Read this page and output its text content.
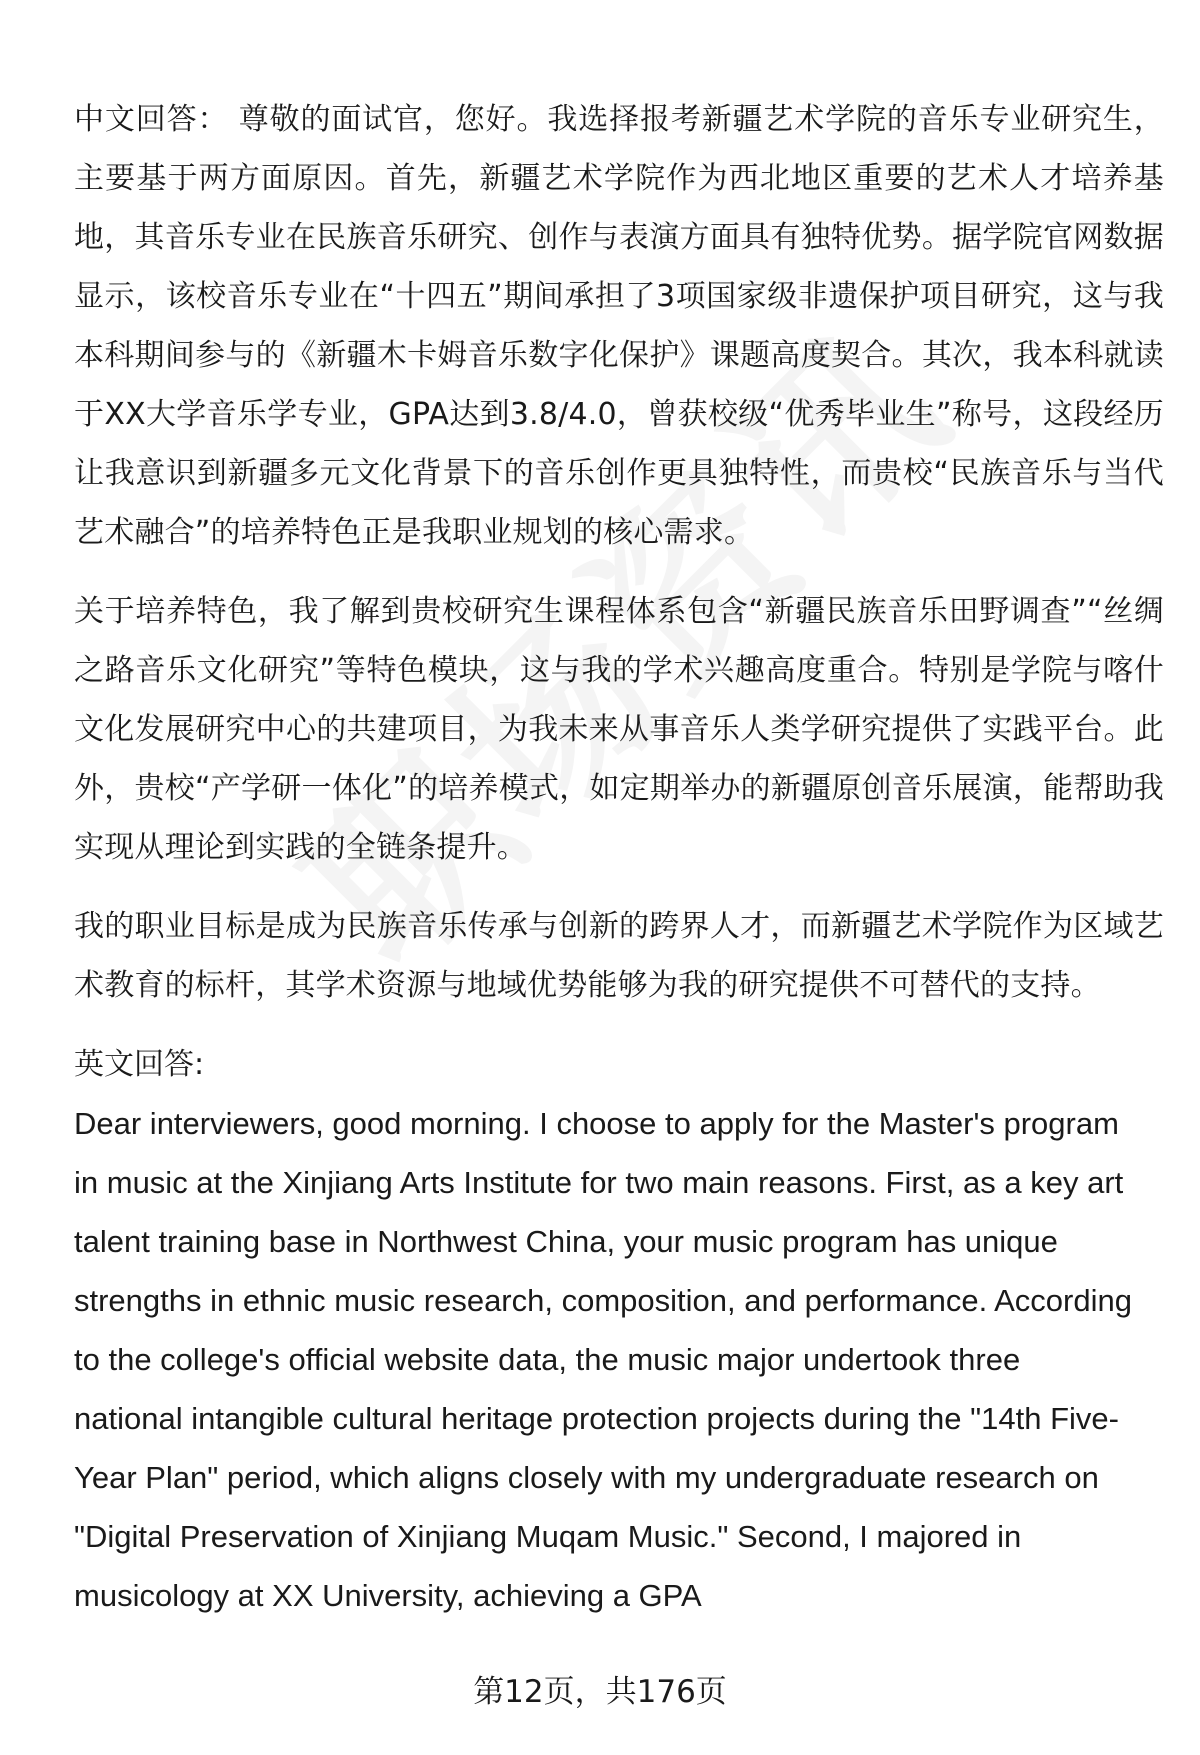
中文回答： 尊敬的面试官，您好。我选择报考新疆艺术学院的音乐专业研究生，主要基于两方面原因。首先，新疆艺术学院作为西北地区重要的艺术人才培养基地，其音乐专业在民族音乐研究、创作与表演方面具有独特优势。据学院官网数据显示，该校音乐专业在“十四五”期间承担了3项国家级非遗保护项目研究，这与我本科期间参与的《新疆木卡姆音乐数字化保护》课题高度契合。其次，我本科就读于XX大学音乐学专业，GPA达到3.8/4.0，曾获校级“优秀毕业生”称号，这段经历让我意识到新疆多元文化背景下的音乐创作更具独特性，而贵校“民族音乐与当代艺术融合”的培养特色正是我职业规划的核心需求。

关于培养特色，我了解到贵校研究生课程体系包含“新疆民族音乐田野调查”“丝绸之路音乐文化研究”等特色模块，这与我的学术兴趣高度重合。特别是学院与喀什文化发展研究中心的共建项目，为我未来从事音乐人类学研究提供了实践平台。此外，贵校“产学研一体化”的培养模式，如定期举办的新疆原创音乐展演，能帮助我实现从理论到实践的全链条提升。

我的职业目标是成为民族音乐传承与创新的跨界人才，而新疆艺术学院作为区域艺术教育的标杆，其学术资源与地域优势能够为我的研究提供不可替代的支持。

英文回答:

Dear interviewers, good morning. I choose to apply for the Master's program in music at the Xinjiang Arts Institute for two main reasons. First, as a key art talent training base in Northwest China, your music program has unique strengths in ethnic music research, composition, and performance. According to the college's official website data, the music major undertook three national intangible cultural heritage protection projects during the "14th Five-Year Plan" period, which aligns closely with my undergraduate research on "Digital Preservation of Xinjiang Muqam Music." Second, I majored in musicology at XX University, achieving a GPA

第12页，共176页
